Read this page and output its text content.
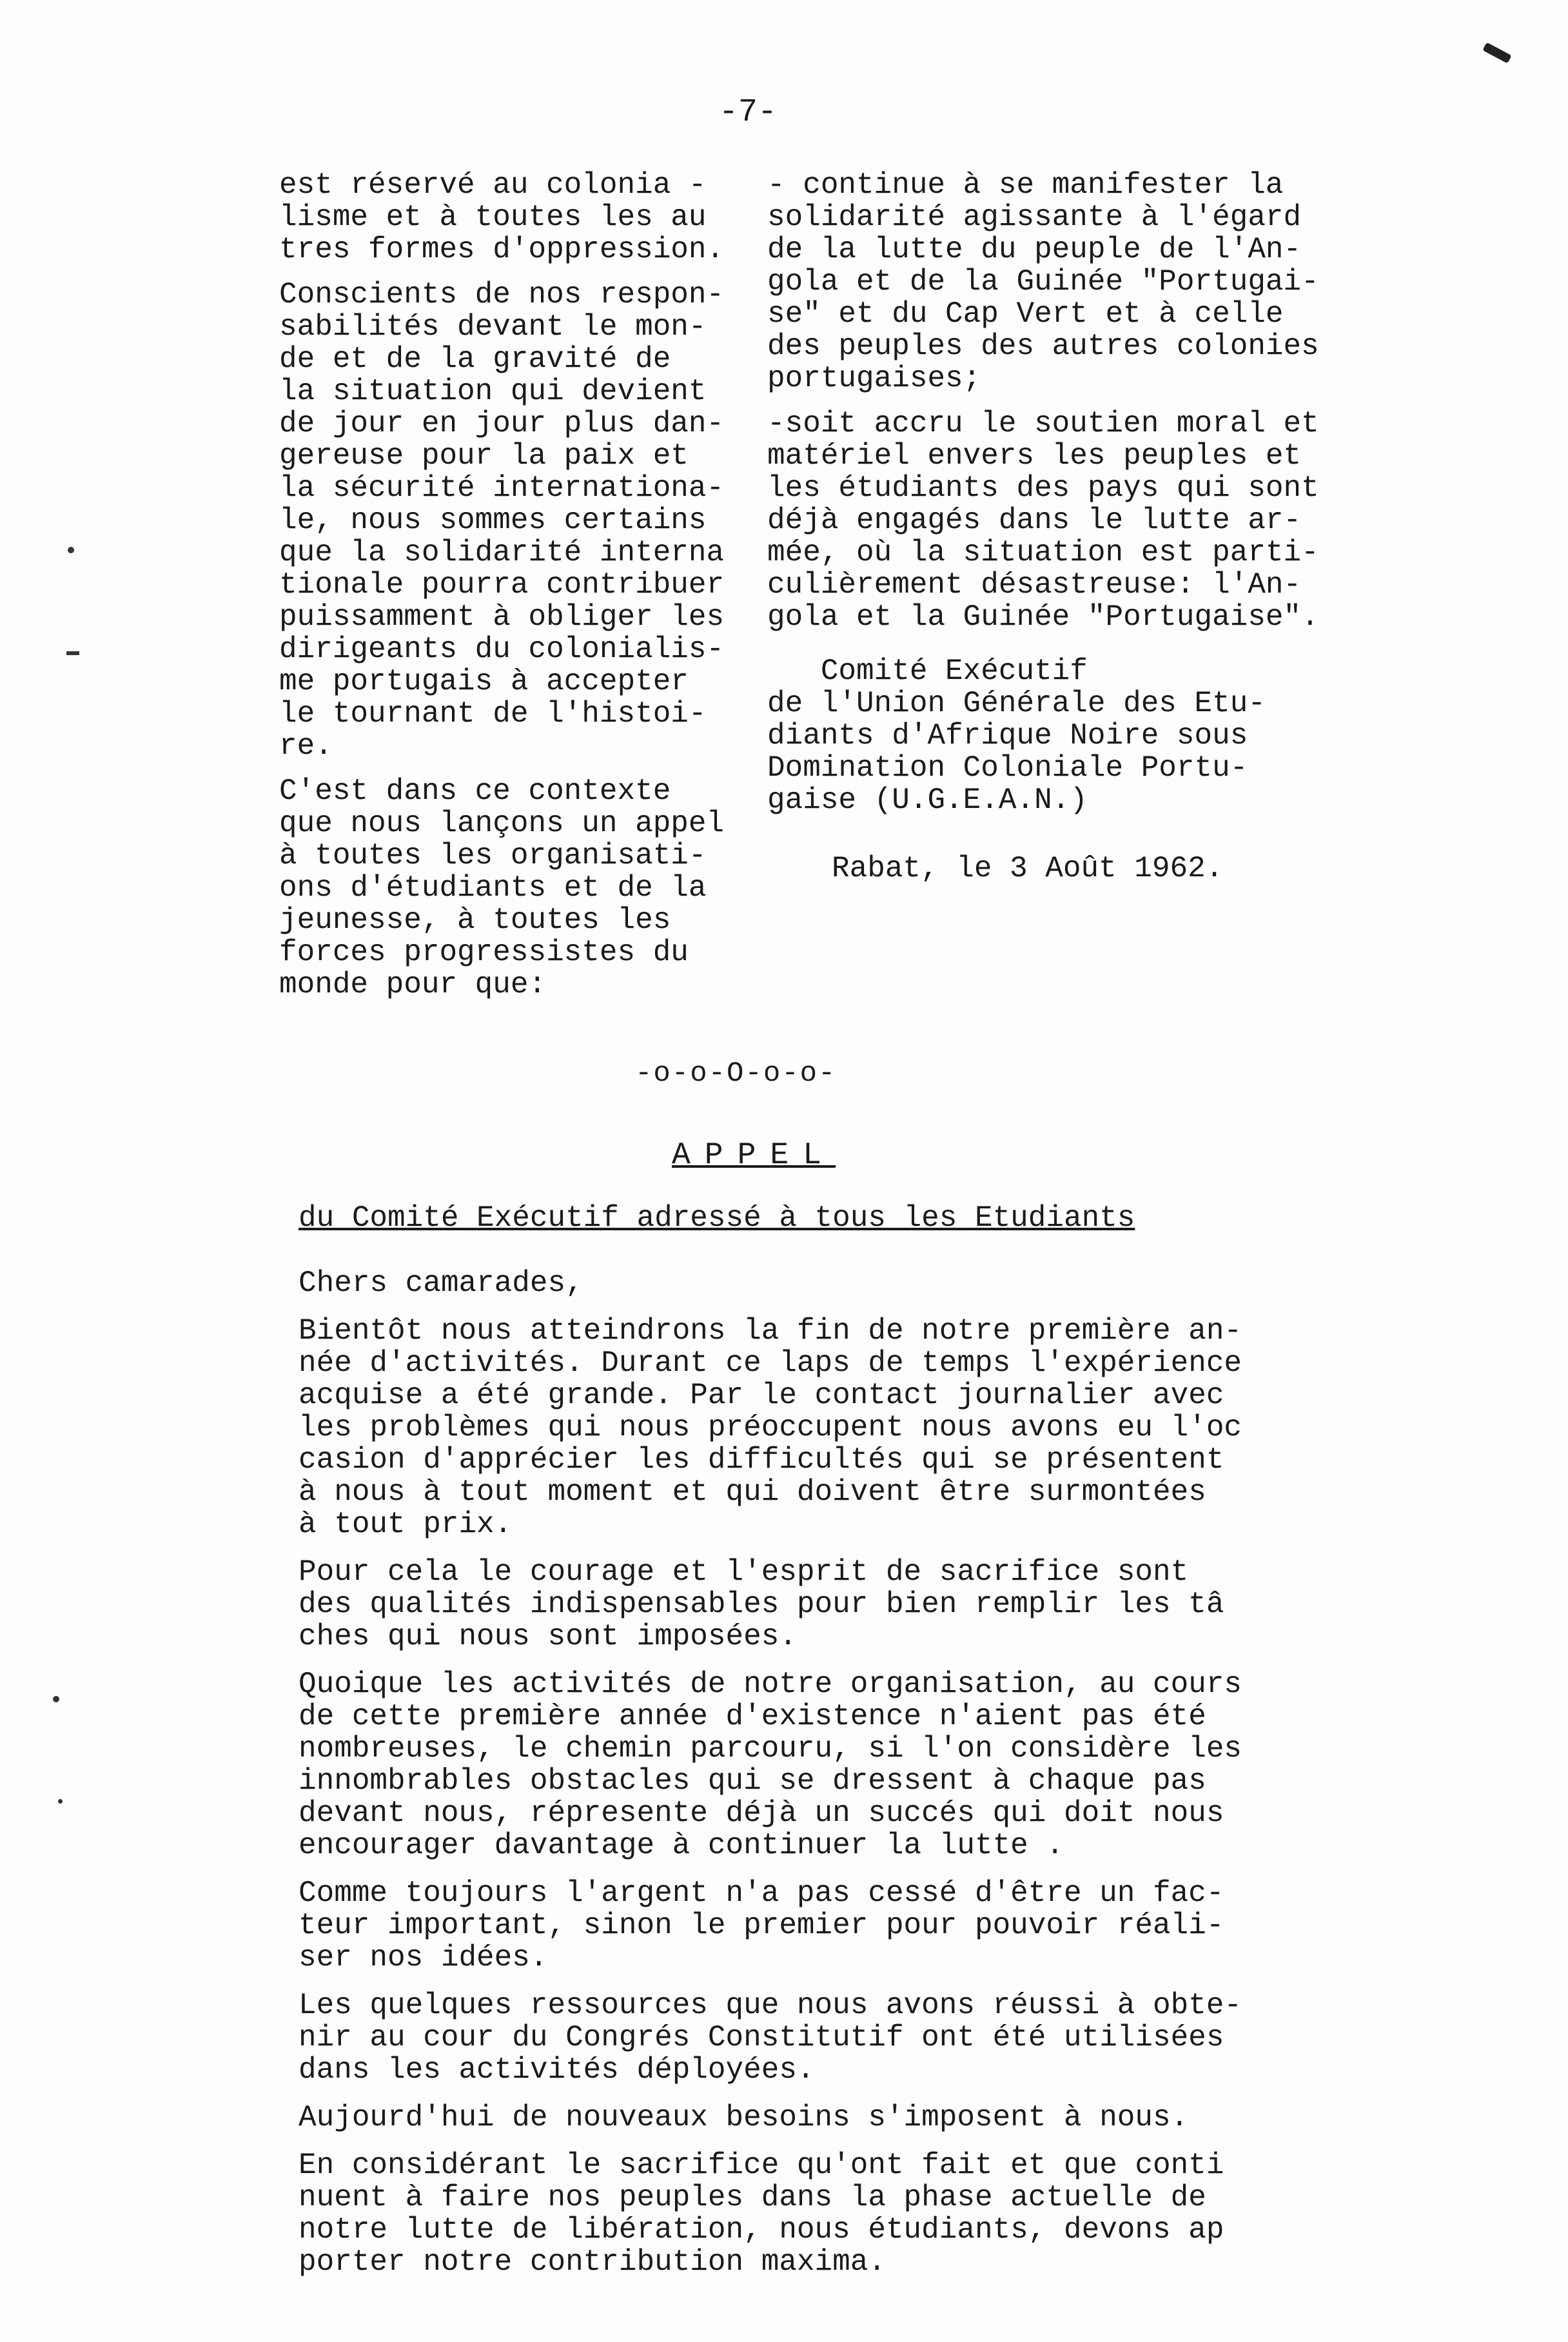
-7-
est réservé au colonia -
lisme et à toutes les au
tres formes d'oppression.
Conscients de nos respon-
sabilités devant le mon-
de et de la gravité de
la situation qui devient
de jour en jour plus dan-
gereuse pour la paix et
la sécurité internationa-
le, nous sommes certains
que la solidarité interna
tionale pourra contribuer
puissamment à obliger les
dirigeants du colonialis-
me portugais à accepter
le tournant de l'histoi-
re.
C'est dans ce contexte
que nous lançons un appel
à toutes les organisati-
ons d'étudiants et de la
jeunesse, à toutes les
forces progressistes du
monde pour que:
- continue à se manifester la
solidarité agissante à l'égard
de la lutte du peuple de l'An-
gola et de la Guinée "Portugai-
se" et du Cap Vert et à celle
des peuples des autres colonies
portugaises;
-soit accru le soutien moral et
matériel envers les peuples et
les étudiants des pays qui sont
déjà engagés dans le lutte ar-
mée, où la situation est parti-
culièrement désastreuse: l'An-
gola et la Guinée "Portugaise".
Comité Exécutif
de l'Union Générale des Etu-
diants d'Afrique Noire sous
Domination Coloniale Portu-
gaise (U.G.E.A.N.)
Rabat, le 3 Août 1962.
-o-o-O-o-o-
APPEL
du Comité Exécutif adressé à tous les Etudiants
Chers camarades,
Bientôt nous atteindrons la fin de notre première an-
née d'activités. Durant ce laps de temps l'expérience
acquise a été grande. Par le contact journalier avec
les problèmes qui nous préoccupent nous avons eu l'oc
casion d'apprécier les difficultés qui se présentent
à nous à tout moment et qui doivent être surmontées
à tout prix.
Pour cela le courage et l'esprit de sacrifice sont
des qualités indispensables pour bien remplir les tâ
ches qui nous sont imposées.
Quoique les activités de notre organisation, au cours
de cette première année d'existence n'aient pas été
nombreuses, le chemin parcouru, si l'on considère les
innombrables obstacles qui se dressent à chaque pas
devant nous, répresente déjà un succés qui doit nous
encourager davantage à continuer la lutte .
Comme toujours l'argent n'a pas cessé d'être un fac-
teur important, sinon le premier pour pouvoir réali-
ser nos idées.
Les quelques ressources que nous avons réussi à obte-
nir au cour du Congrés Constitutif ont été utilisées
dans les activités déployées.
Aujourd'hui de nouveaux besoins s'imposent à nous.
En considérant le sacrifice qu'ont fait et que conti
nuent à faire nos peuples dans la phase actuelle de
notre lutte de libération, nous étudiants, devons ap
porter notre contribution maxima.
